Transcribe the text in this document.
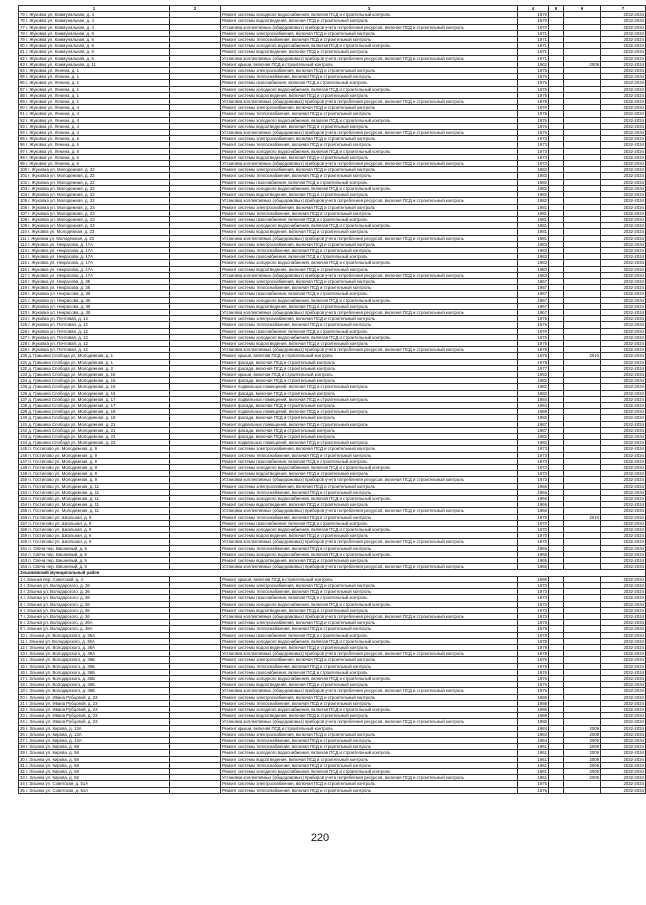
1	2	3	4	5	6	7
75 г. Жуковка ул. Коммунальная, д. 4		Ремонт системы холодного водоснабжения, включая ПСД и строительный контроль	1970			2032-2034
76 г. Жуковка ул. Коммунальная, д. 4		Ремонт системы водоотведения, включая ПСД и строительный контроль	1970			2032-2034
77 г. Жуковка ул. Коммунальная, д. 4		Установка коллективных (общедомовых) приборов учета потребления ресурсов, включая ПСД и строительный контроль	1970			2032-2034
78 г. Жуковка ул. Коммунальная, д. 6		Ремонт системы электроснабжения, включая ПСД и строительный контроль	1971			2032-2034
79 г. Жуковка ул. Коммунальная, д. 6		Ремонт системы теплоснабжения, включая ПСД и строительный контроль	1971			2032-2034
80 г. Жуковка ул. Коммунальная, д. 6		Ремонт системы холодного водоснабжения, включая ПСД и строительный контроль	1971			2032-2034
81 г. Жуковка ул. Коммунальная, д. 6		Ремонт системы водоотведения, включая ПСД и строительный контроль	1971			2032-2034
82 г. Жуковка ул. Коммунальная, д. 6		Установка коллективных (общедомовых) приборов учета потребления ресурсов, включая ПСД и строительный контроль	1971			2032-2034
83 г. Жуковка ул. Коммунальная, д. 11		Ремонт крыши, включая ПСД и строительный контроль	1962		2009	2032-2034
84 г. Жуковка ул. Ленина, д. 1		Ремонт системы электроснабжения, включая ПСД и строительный контроль	1976			2032-2034
85 г. Жуковка ул. Ленина, д. 1		Ремонт системы теплоснабжения, включая ПСД и строительный контроль	1976			2032-2034
86 г. Жуковка ул. Ленина, д. 1		Ремонт системы газоснабжения, включая ПСД и строительный контроль	1976			2032-2034
87 г. Жуковка ул. Ленина, д. 1		Ремонт системы холодного водоснабжения, включая ПСД и строительный контроль	1976			2032-2034
88 г. Жуковка ул. Ленина, д. 1		Ремонт системы водоотведения, включая ПСД и строительный контроль	1976			2032-2034
89 г. Жуковка ул. Ленина, д. 1		Установка коллективных (общедомовых) приборов учета потребления ресурсов, включая ПСД и строительный контроль	1976			2032-2034
90 г. Жуковка ул. Ленина, д. 4		Ремонт системы электроснабжения, включая ПСД и строительный контроль	1976			2032-2034
91 г. Жуковка ул. Ленина, д. 4		Ремонт системы теплоснабжения, включая ПСД и строительный контроль	1976			2032-2034
92 г. Жуковка ул. Ленина, д. 4		Ремонт системы холодного водоснабжения, включая ПСД и строительный контроль	1976			2032-2034
93 г. Жуковка ул. Ленина, д. 4		Ремонт системы водоотведения, включая ПСД и строительный контроль	1976			2032-2034
94 г. Жуковка ул. Ленина, д. 4		Установка коллективных (общедомовых) приборов учета потребления ресурсов, включая ПСД и строительный контроль	1976			2032-2034
95 г. Жуковка ул. Ленина, д. 6		Ремонт системы электроснабжения, включая ПСД и строительный контроль	1973			2032-2034
96 г. Жуковка ул. Ленина, д. 6		Ремонт системы теплоснабжения, включая ПСД и строительный контроль	1973			2032-2034
97 г. Жуковка ул. Ленина, д. 6		Ремонт системы холодного водоснабжения, включая ПСД и строительный контроль	1973			2032-2034
98 г. Жуковка ул. Ленина, д. 6		Ремонт системы водоотведения, включая ПСД и строительный контроль	1973			2032-2034
99 г. Жуковка ул. Ленина, д. 6		Установка коллективных (общедомовых) приборов учета потребления ресурсов, включая ПСД и строительный контроль	1973			2032-2034
100 г. Жуковка ул. Молодежная, д. 22		Ремонт системы электроснабжения, включая ПСД и строительный контроль	1982			2032-2034
101 г. Жуковка ул. Молодежная, д. 22		Ремонт системы теплоснабжения, включая ПСД и строительный контроль	1982			2032-2034
102 г. Жуковка ул. Молодежная, д. 22		Ремонт системы газоснабжения, включая ПСД и строительный контроль	1982			2032-2034
103 г. Жуковка ул. Молодежная, д. 22		Ремонт системы холодного водоснабжения, включая ПСД и строительный контроль	1982			2032-2034
104 г. Жуковка ул. Молодежная, д. 22		Ремонт системы водоотведения, включая ПСД и строительный контроль	1982			2032-2034
105 г. Жуковка ул. Молодежная, д. 22		Установка коллективных (общедомовых) приборов учета потребления ресурсов, включая ПСД и строительный контроль	1982			2032-2034
106 г. Жуковка ул. Молодежная, д. 23		Ремонт системы электроснабжения, включая ПСД и строительный контроль	1981			2032-2034
107 г. Жуковка ул. Молодежная, д. 23		Ремонт системы теплоснабжения, включая ПСД и строительный контроль	1981			2032-2034
108 г. Жуковка ул. Молодежная, д. 23		Ремонт системы газоснабжения, включая ПСД и строительный контроль	1981			2032-2034
109 г. Жуковка ул. Молодежная, д. 23		Ремонт системы холодного водоснабжения, включая ПСД и строительный контроль	1981			2032-2034
110 г. Жуковка ул. Молодежная, д. 23		Ремонт системы водоотведения, включая ПСД и строительный контроль	1981			2032-2034
111 г. Жуковка ул. Молодежная, д. 23		Установка коллективных (общедомовых) приборов учета потребления ресурсов, включая ПСД и строительный контроль	1981			2032-2034
112 г. Жуковка ул. Некрасова, д. 17А		Ремонт системы электроснабжения, включая ПСД и строительный контроль	1983			2032-2034
113 г. Жуковка ул. Некрасова, д. 17А		Ремонт системы теплоснабжения, включая ПСД и строительный контроль	1983			2032-2034
114 г. Жуковка ул. Некрасова, д. 17А		Ремонт системы газоснабжения, включая ПСД и строительный контроль	1983			2032-2034
115 г. Жуковка ул. Некрасова, д. 17А		Ремонт системы холодного водоснабжения, включая ПСД и строительный контроль	1983			2032-2034
116 г. Жуковка ул. Некрасова, д. 17А		Ремонт системы водоотведения, включая ПСД и строительный контроль	1983			2032-2034
117 г. Жуковка ул. Некрасова, д. 17А		Установка коллективных (общедомовых) приборов учета потребления ресурсов, включая ПСД и строительный контроль	1983			2032-2034
118 г. Жуковка ул. Некрасова, д. 35		Ремонт системы электроснабжения, включая ПСД и строительный контроль	1967			2032-2034
119 г. Жуковка ул. Некрасова, д. 35		Ремонт системы теплоснабжения, включая ПСД и строительный контроль	1967			2032-2034
120 г. Жуковка ул. Некрасова, д. 35		Ремонт системы газоснабжения, включая ПСД и строительный контроль	1967			2032-2034
121 г. Жуковка ул. Некрасова, д. 35		Ремонт системы холодного водоснабжения, включая ПСД и строительный контроль	1967			2032-2034
122 г. Жуковка ул. Некрасова, д. 35		Ремонт системы водоотведения, включая ПСД и строительный контроль	1967			2032-2034
123 г. Жуковка ул. Некрасова, д. 35		Установка коллективных (общедомовых) приборов учета потребления ресурсов, включая ПСД и строительный контроль	1967			2032-2034
124 г. Жуковка ул. Почтовая, д. 12		Ремонт системы электроснабжения, включая ПСД и строительный контроль	1976			2032-2034
125 г. Жуковка ул. Почтовая, д. 12		Ремонт системы теплоснабжения, включая ПСД и строительный контроль	1976			2032-2034
126 г. Жуковка ул. Почтовая, д. 12		Ремонт системы газоснабжения, включая ПСД и строительный контроль	1976			2032-2034
127 г. Жуковка ул. Почтовая, д. 12		Ремонт системы холодного водоснабжения, включая ПСД и строительный контроль	1976			2032-2034
128 г. Жуковка ул. Почтовая, д. 12		Ремонт системы водоотведения, включая ПСД и строительный контроль	1976			2032-2034
129 г. Жуковка ул. Почтовая, д. 12		Установка коллективных (общедомовых) приборов учета потребления ресурсов, включая ПСД и строительный контроль	1976			2032-2034
130 д. Гришина Слобода ул. Молодежная, д. 1		Ремонт крыши, включая ПСД и строительный контроль	1978		2010	2032-2034
131 д. Гришина Слобода ул. Молодежная, д. 1		Ремонт фасада, включая ПСД и строительный контроль	1978			2032-2034
132 д. Гришина Слобода ул. Молодежная, д. 2		Ремонт фасада, включая ПСД и строительный контроль	1977			2032-2034
133 д. Гришина Слобода ул. Молодежная, д. 15		Ремонт крыши, включая ПСД и строительный контроль	1982			2032-2034
134 д. Гришина Слобода ул. Молодежная, д. 15		Ремонт фасада, включая ПСД и строительный контроль	1982			2032-2034
135 д. Гришина Слобода ул. Молодежная, д. 16		Ремонт подвальных помещений, включая ПСД и строительный контроль	1982			2032-2034
136 д. Гришина Слобода ул. Молодежная, д. 16		Ремонт фасада, включая ПСД и строительный контроль	1982			2032-2034
137 д. Гришина Слобода ул. Молодежная, д. 17		Ремонт подвальных помещений, включая ПСД и строительный контроль	1984			2032-2034
138 д. Гришина Слобода ул. Молодежная, д. 17		Ремонт фасада, включая ПСД и строительный контроль	1984			2032-2034
139 д. Гришина Слобода ул. Молодежная, д. 18		Ремонт подвальных помещений, включая ПСД и строительный контроль	1986			2032-2034
140 д. Гришина Слобода ул. Молодежная, д. 18		Ремонт фасада, включая ПСД и строительный контроль	1986			2032-2034
141 д. Гришина Слобода ул. Молодежная, д. 21		Ремонт подвальных помещений, включая ПСД и строительный контроль	1987			2032-2034
142 д. Гришина Слобода ул. Молодежная, д. 21		Ремонт фасада, включая ПСД и строительный контроль	1987			2032-2034
143 д. Гришина Слобода ул. Молодежная, д. 23		Ремонт фасада, включая ПСД и строительный контроль	1982			2032-2034
144 д. Гришина Слобода ул. Молодежная, д. 23		Ремонт подвальных помещений, включая ПСД и строительный контроль	1982			2032-2034
145 п. Гостилово ул. Молодежная, д. 9		Ремонт системы электроснабжения, включая ПСД и строительный контроль	1973			2032-2034
146 п. Гостилово ул. Молодежная, д. 9		Ремонт системы теплоснабжения, включая ПСД и строительный контроль	1973			2032-2034
147 п. Гостилово ул. Молодежная, д. 9		Ремонт системы газоснабжения, включая ПСД и строительный контроль	1973			2032-2034
148 п. Гостилово ул. Молодежная, д. 9		Ремонт системы холодного водоснабжения, включая ПСД и строительный контроль	1973			2032-2034
149 п. Гостилово ул. Молодежная, д. 9		Ремонт системы водоотведения, включая ПСД и строительный контроль	1973			2032-2034
150 п. Гостилово ул. Молодежная, д. 9		Установка коллективных (общедомовых) приборов учета потребления ресурсов, включая ПСД и строительный контроль	1973			2032-2034
151 п. Гостилово ул. Молодежная, д. 11		Ремонт системы электроснабжения, включая ПСД и строительный контроль	1966			2032-2034
152 п. Гостилово ул. Молодежная, д. 11		Ремонт системы теплоснабжения, включая ПСД и строительный контроль	1966			2032-2034
153 п. Гостилово ул. Молодежная, д. 11		Ремонт системы холодного водоснабжения, включая ПСД и строительный контроль	1966			2032-2034
154 п. Гостилово ул. Молодежная, д. 11		Ремонт системы водоотведения, включая ПСД и строительный контроль	1966			2032-2034
155 п. Гостилово ул. Молодежная, д. 11		Установка коллективных (общедомовых) приборов учета потребления ресурсов, включая ПСД и строительный контроль	1966			2032-2034
156 п. Гостилово ул. Школьная, д. 8		Ремонт системы теплоснабжения, включая ПСД и строительный контроль	1970		2010	2032-2034
157 п. Гостилово ул. Школьная, д. 8		Ремонт системы газоснабжения, включая ПСД и строительный контроль	1970			2032-2034
158 п. Гостилово ул. Школьная, д. 8		Ремонт системы холодного водоснабжения, включая ПСД и строительный контроль	1970			2032-2034
159 п. Гостилово ул. Школьная, д. 8		Ремонт системы водоотведения, включая ПСД и строительный контроль	1970			2032-2034
160 п. Гостилово ул. Школьная, д. 8		Установка коллективных (общедомовых) приборов учета потребления ресурсов, включая ПСД и строительный контроль	1970			2032-2034
161 п. Свеча пер. Вишневый, д. 5		Ремонт системы теплоснабжения, включая ПСД и строительный контроль	1965			2032-2034
162 п. Свеча пер. Вишневый, д. 5		Ремонт системы холодного водоснабжения, включая ПСД и строительный контроль	1965			2032-2034
163 п. Свеча пер. Вишневый, д. 5		Ремонт системы водоотведения, включая ПСД и строительный контроль	1965			2032-2034
164 п. Свеча пер. Вишневый, д. 5		Установка коллективных (общедомовых) приборов учета потребления ресурсов, включая ПСД и строительный контроль	1965			2032-2034
Злынковский муниципальный район						
1 г. Злынка пер. Советский, д. 4		Ремонт крыши, включая ПСД и строительный контроль	1996			2032-2034
2 г. Злынка ул. Володарского, д. 36		Ремонт системы электроснабжения, включая ПСД и строительный контроль	1973			2032-2034
3 г. Злынка ул. Володарского, д. 36		Ремонт системы теплоснабжения, включая ПСД и строительный контроль	1973			2032-2034
4 г. Злынка ул. Володарского, д. 36		Ремонт системы газоснабжения, включая ПСД и строительный контроль	1973			2032-2034
5 г. Злынка ул. Володарского, д. 36		Ремонт системы холодного водоснабжения, включая ПСД и строительный контроль	1973			2032-2034
6 г. Злынка ул. Володарского, д. 36		Ремонт системы водоотведения, включая ПСД и строительный контроль	1973			2032-2034
7 г. Злынка ул. Володарского, д. 36		Установка коллективных (общедомовых) приборов учета потребления ресурсов, включая ПСД и строительный контроль	1973			2032-2034
8 г. Злынка ул. Володарского, д. 36А		Ремонт системы электроснабжения, включая ПСД и строительный контроль	1978			2032-2034
9 г. Злынка ул. Володарского, д. 36А		Ремонт системы теплоснабжения, включая ПСД и строительный контроль	1978			2032-2034
10 г. Злынка ул. Володарского, д. 36А		Ремонт системы газоснабжения, включая ПСД и строительный контроль	1978			2032-2034
11 г. Злынка ул. Володарского, д. 36А		Ремонт системы холодного водоснабжения, включая ПСД и строительный контроль	1978			2032-2034
12 г. Злынка ул. Володарского, д. 36А		Ремонт системы водоотведения, включая ПСД и строительный контроль	1978			2032-2034
13 г. Злынка ул. Володарского, д. 36А		Установка коллективных (общедомовых) приборов учета потребления ресурсов, включая ПСД и строительный контроль	1978			2032-2034
14 г. Злынка ул. Володарского, д. 36Б		Ремонт системы электроснабжения, включая ПСД и строительный контроль	1976			2032-2034
15 г. Злынка ул. Володарского, д. 36Б		Ремонт системы теплоснабжения, включая ПСД и строительный контроль	1976			2032-2034
16 г. Злынка ул. Володарского, д. 36Б		Ремонт системы газоснабжения, включая ПСД и строительный контроль	1976			2032-2034
17 г. Злынка ул. Володарского, д. 36Б		Ремонт системы холодного водоснабжения, включая ПСД и строительный контроль	1976			2032-2034
18 г. Злынка ул. Володарского, д. 36Б		Ремонт системы водоотведения, включая ПСД и строительный контроль	1976			2032-2034
19 г. Злынка ул. Володарского, д. 36Б		Установка коллективных (общедомовых) приборов учета потребления ресурсов, включая ПСД и строительный контроль	1976			2032-2034
20 г. Злынка ул. Ивана Рубцовой, д. 23		Ремонт системы электроснабжения, включая ПСД и строительный контроль	1986			2032-2034
21 г. Злынка ул. Ивана Рубцовой, д. 23		Ремонт системы теплоснабжения, включая ПСД и строительный контроль	1986			2032-2034
22 г. Злынка ул. Ивана Рубцовой, д. 23		Ремонт системы холодного водоснабжения, включая ПСД и строительный контроль	1986			2032-2034
23 г. Злынка ул. Ивана Рубцовой, д. 23		Ремонт системы водоотведения, включая ПСД и строительный контроль	1986			2032-2034
24 г. Злынка ул. Ивана Рубцовой, д. 23		Установка коллективных (общедомовых) приборов учета потребления ресурсов, включая ПСД и строительный контроль	1986			2032-2034
25 г. Злынка ул. Кирова, д. 13А		Ремонт крыши, включая ПСД и строительный контроль	1984		2009	2032-2034
26 г. Злынка ул. Кирова, д. 13А		Ремонт системы электроснабжения, включая ПСД и строительный контроль	1984		2009	2032-2034
27 г. Злынка ул. Кирова, д. 13А		Ремонт системы теплоснабжения, включая ПСД и строительный контроль	1984		2009	2032-2034
28 г. Злынка ул. Кирова, д. 58		Ремонт системы теплоснабжения, включая ПСД и строительный контроль	1961		2009	2032-2034
29 г. Злынка ул. Кирова, д. 58		Ремонт системы холодного водоснабжения, включая ПСД и строительный контроль	1961		2009	2032-2034
30 г. Злынка ул. Кирова, д. 58		Ремонт системы водоотведения, включая ПСД и строительный контроль	1961		2009	2032-2034
31 г. Злынка ул. Кирова, д. 58		Ремонт системы теплоснабжения, включая ПСД и строительный контроль	1961		2009	2032-2034
32 г. Злынка ул. Кирова, д. 58		Ремонт системы холодного водоснабжения, включая ПСД и строительный контроль	1961		2009	2032-2034
33 г. Злынка ул. Кирова, д. 58		Установка коллективных (общедомовых) приборов учета потребления ресурсов, включая ПСД и строительный контроль	1961		2009	2032-2034
34 г. Злынка ул. Советская, д. 51А		Ремонт системы электроснабжения, включая ПСД и строительный контроль	1976			2032-2034
35 г. Злынка ул. Советская, д. 51А		Ремонт системы теплоснабжения, включая ПСД и строительный контроль	1976			2032-2034
220
